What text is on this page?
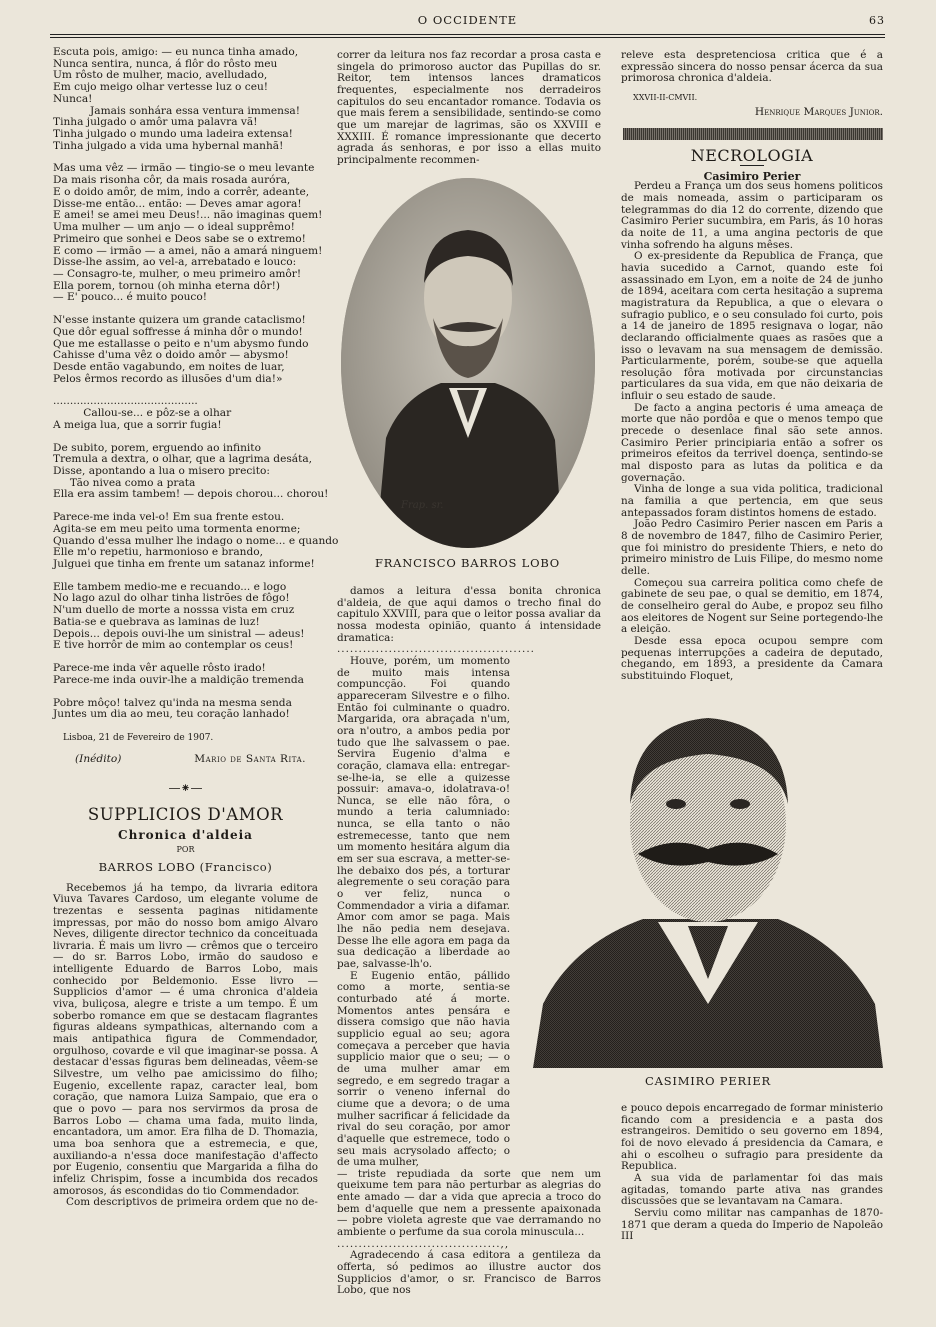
O OCCIDENTE	63
Escuta pois, amigo: — eu nunca tinha amado,
Nunca sentira, nunca, á flôr do rôsto meu
Um rôsto de mulher, macio, avelludado,
Em cujo meigo olhar vertesse luz o ceu!
Nunca!
Jamais sonhára essa ventura immensa!
Tinha julgado o amôr uma palavra vã!
Tinha julgado o mundo uma ladeira extensa!
Tinha julgado a vida uma hybernal manhã!
Mas uma vêz — irmão — tingio-se o meu levante
Da mais risonha côr, da mais rosada auróra,
E o doido amôr, de mim, indo a corrêr, adeante,
Disse-me então... então: — Deves amar agora!
E amei! se amei meu Deus!... não imaginas quem!
Uma mulher — um anjo — o ideal supprêmo!
Primeiro que sonhei e Deos sabe se o extremo!
E como — irmão — a amei, não a amará ninguem!
Disse-lhe assim, ao vel-a, arrebatado e louco:
— Consagro-te, mulher, o meu primeiro amôr!
Ella porem, tornou (oh minha eterna dôr!)
— E' pouco... é muito pouco!
N'esse instante quizera um grande cataclismo!
Que dôr egual soffresse á minha dôr o mundo!
Que me estallasse o peito e n'um abysmo fundo
Cahisse d'uma vêz o doido amôr — abysmo!
Desde então vagabundo, em noites de luar,
Pelos êrmos recordo as illusões d'um dia!»
...........................................
Callou-se... e pôz-se a olhar
A meiga lua, que a sorrir fugia!
De subito, porem, erguendo ao infinito
Tremula a dextra, o olhar, que a lagrima desáta,
Disse, apontando a lua o misero precito:
Tão nivea como a prata
Ella era assim tambem! — depois chorou... chorou!
Parece-me inda vel-o! Em sua frente estou.
Agita-se em meu peito uma tormenta enorme;
Quando d'essa mulher lhe indago o nome... e quando
Elle m'o repetiu, harmonioso e brando,
Julguei que tinha em frente um satanaz informe!
Elle tambem medio-me e recuando... e logo
No lago azul do olhar tinha listrões de fôgo!
N'um duello de morte a nosssa vista em cruz
Batia-se e quebrava as laminas de luz!
Depois... depois ouvi-lhe um sinistral — adeus!
E tive horrôr de mim ao contemplar os ceus!
Parece-me inda vêr aquelle rôsto irado!
Parece-me inda ouvir-lhe a maldição tremenda
Pobre môço! talvez qu'inda na mesma senda
Juntes um dia ao meu, teu coração lanhado!
Lisboa, 21 de Fevereiro de 1907.
(Inédito)	Mario de Santa Rita.
—⁕—
SUPPLICIOS D'AMOR
Chronica d'aldeia
POR
BARROS LOBO (Francisco)

Recebemos já ha tempo, da livraria editora Viuva Tavares Cardoso, um elegante volume de trezentas e sessenta paginas nitidamente impressas, por mão do nosso bom amigo Alvaro Neves, diligente director technico da conceituada livraria. É mais um livro — crêmos que o terceiro — do sr. Barros Lobo, irmão do saudoso e intelligente Eduardo de Barros Lobo, mais conhecido por Beldemonio. Esse livro — Supplicios d'amor — é uma chronica d'aldeia viva, buliçosa, alegre e triste a um tempo. É um soberbo romance em que se destacam flagrantes figuras aldeans sympathicas, alternando com a mais antipathica figura de Commendador, orgulhoso, covarde e vil que imaginar-se possa. A destacar d'essas figuras bem delineadas, vêem-se Silvestre, um velho pae amicissimo do filho; Eugenio, excellente rapaz, caracter leal, bom coração, que namora Luiza Sampaio, que era o que o povo — para nos servirmos da prosa de Barros Lobo — chama uma fada, muito linda, encantadora, um amor. Era filha de D. Thomazia, uma boa senhora que a estremecia, e que, auxiliando-a n'essa doce manifestação d'affecto por Eugenio, consentiu que Margarida a filha do infeliz Chrispim, fosse a incumbida dos recados amorosos, ás escondidas do tio Commendador.

Com descriptivos de primeira ordem que no de-

correr da leitura nos faz recordar a prosa casta e singela do primoroso auctor das Pupillas do sr. Reitor, tem intensos lances dramaticos frequentes, especialmente nos derradeiros capitulos do seu encantador romance. Todavia os que mais ferem a sensibilidade, sentindo-se como que um marejar de lagrimas, são os XXVIII e XXXIII. É romance impressionante que decerto agrada ás senhoras, e por isso a ellas muito principalmente recommen-

Frap. sr.
FRANCISCO BARROS LOBO

damos a leitura d'essa bonita chronica d'aldeia, de que aqui damos o trecho final do capitulo XXVIII, para que o leitor possa avaliar da nossa modesta opinião, quanto á intensidade dramatica:

..............................................

Houve, porém, um momento de muito mais intensa compuncção. Foi quando appareceram Silvestre e o filho. Então foi culminante o quadro. Margarida, ora abraçada n'um, ora n'outro, a ambos pedia por tudo que lhe salvassem o pae. Servira Eugenio d'alma e coração, clamava ella: entregar-se-lhe-ia, se elle a quizesse possuir: amava-o, idolatrava-o! Nunca, se elle não fôra, o mundo a teria calumniado: nunca, se ella tanto o não estremecesse, tanto que nem um momento hesitára algum dia em ser sua escrava, a metter-se-lhe debaixo dos pés, a torturar alegremente o seu coração para o ver feliz, nunca o Commendador a viria a difamar. Amor com amor se paga. Mais lhe não pedia nem desejava. Desse lhe elle agora em paga da sua dedicação a liberdade ao pae, salvasse-lh'o.

E Eugenio então, pállido como a morte, sentia-se conturbado até á morte. Momentos antes pensára e dissera comsigo que não havia supplicio egual ao seu; agora começava a perceber que havia supplicio maior que o seu; — o de uma mulher amar em segredo, e em segredo tragar a sorrir o veneno infernal do ciume que a devora; o de uma mulher sacrificar á felicidade da rival do seu coração, por amor d'aquelle que estremece, todo o seu mais acrysolado affecto; o de uma mulher,

— triste repudiada da sorte que nem um queixume tem para não perturbar as alegrias do ente amado — dar a vida que aprecia a troco do bem d'aquelle que nem a pressente apaixonada — pobre violeta agreste que vae derramando no ambiente o perfume da sua corola minuscula...

......................................,,

Agradecendo á casa editora a gentileza da offerta, só pedimos ao illustre auctor dos Supplicios d'amor, o sr. Francisco de Barros Lobo, que nos

releve esta despretenciosa critica que é a expressão sincera do nosso pensar ácerca da sua primorosa chronica d'aldeia.

XXVII-II-CMVII.
Henrique Marques Junior.
NECROLOGIA
Casimiro Perier

Perdeu a França um dos seus homens politicos de mais nomeada, assim o participaram os telegrammas do dia 12 do corrente, dizendo que Casimiro Perier sucumbira, em Paris, ás 10 horas da noite de 11, a uma angina pectoris de que vinha sofrendo ha alguns mêses.

O ex-presidente da Republica de França, que havia sucedido a Carnot, quando este foi assassinado em Lyon, em a noite de 24 de junho de 1894, aceitara com certa hesitação a suprema magistratura da Republica, a que o elevara o sufragio publico, e o seu consulado foi curto, pois a 14 de janeiro de 1895 resignava o logar, não declarando officialmente quaes as rasões que a isso o levavam na sua mensagem de demissão. Particularmente, porém, soube-se que aquella resolução fôra motivada por circunstancias particulares da sua vida, em que não deixaria de influir o seu estado de saude.

De facto a angina pectoris é uma ameaça de morte que não pordôa e que o menos tempo que precede o desenlace final são sete annos. Casimiro Perier principiaria então a sofrer os primeiros efeitos da terrivel doença, sentindo-se mal disposto para as lutas da politica e da governação.

Vinha de longe a sua vida politica, tradicional na familia a que pertencia, em que seus antepassados foram distintos homens de estado.

João Pedro Casimiro Perier nascen em Paris a 8 de novembro de 1847, filho de Casimiro Perier, que foi ministro do presidente Thiers, e neto do primeiro ministro de Luis Filipe, do mesmo nome delle.

Começou sua carreira politica como chefe de gabinete de seu pae, o qual se demitio, em 1874, de conselheiro geral do Aube, e propoz seu filho aos eleitores de Nogent sur Seine portegendo-lhe a eleição.

Desde essa epoca ocupou sempre com pequenas interrupções a cadeira de deputado, chegando, em 1893, a presidente da Camara substituindo Floquet,

CASIMIRO PERIER

e pouco depois encarregado de formar ministerio ficando com a presidencia e a pasta dos estrangeiros. Demitido o seu governo em 1894, foi de novo elevado á presidencia da Camara, e ahi o escolheu o sufragio para presidente da Republica.

A sua vida de parlamentar foi das mais agitadas, tomando parte ativa nas grandes discussões que se levantavam na Camara.

Serviu como militar nas campanhas de 1870-1871 que deram a queda do Imperio de Napoleão III
